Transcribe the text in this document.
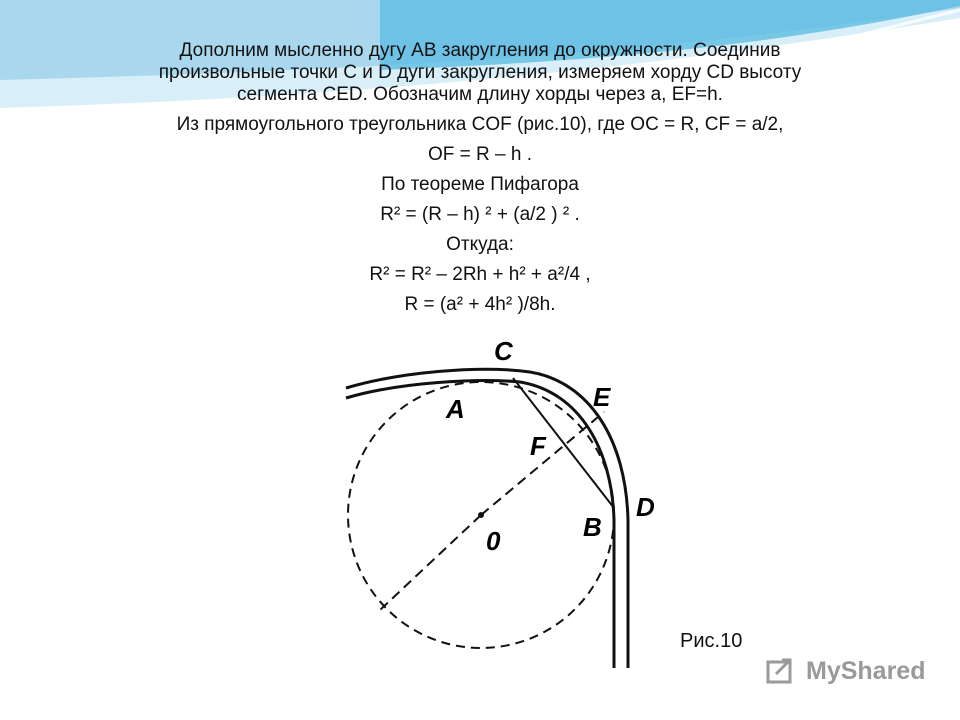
Дополним мысленно дугу АВ закругления до окружности. Соединив
произвольные точки С и D дуги закругления, измеряем хорду CD высоту
сегмента CED. Обозначим длину хорды через а, EF=h.
Из прямоугольного треугольника COF (рис.10), где ОС = R, CF = а/2,
OF = R – h .
По теореме Пифагора
R² = (R – h) ² + (a/2 ) ² .
Откуда:
R² = R² – 2Rh + h² + a²/4 ,
R = (a² + 4h² )/8h.
C
A	E
F
D
B
0
Рис.10
MyShared
